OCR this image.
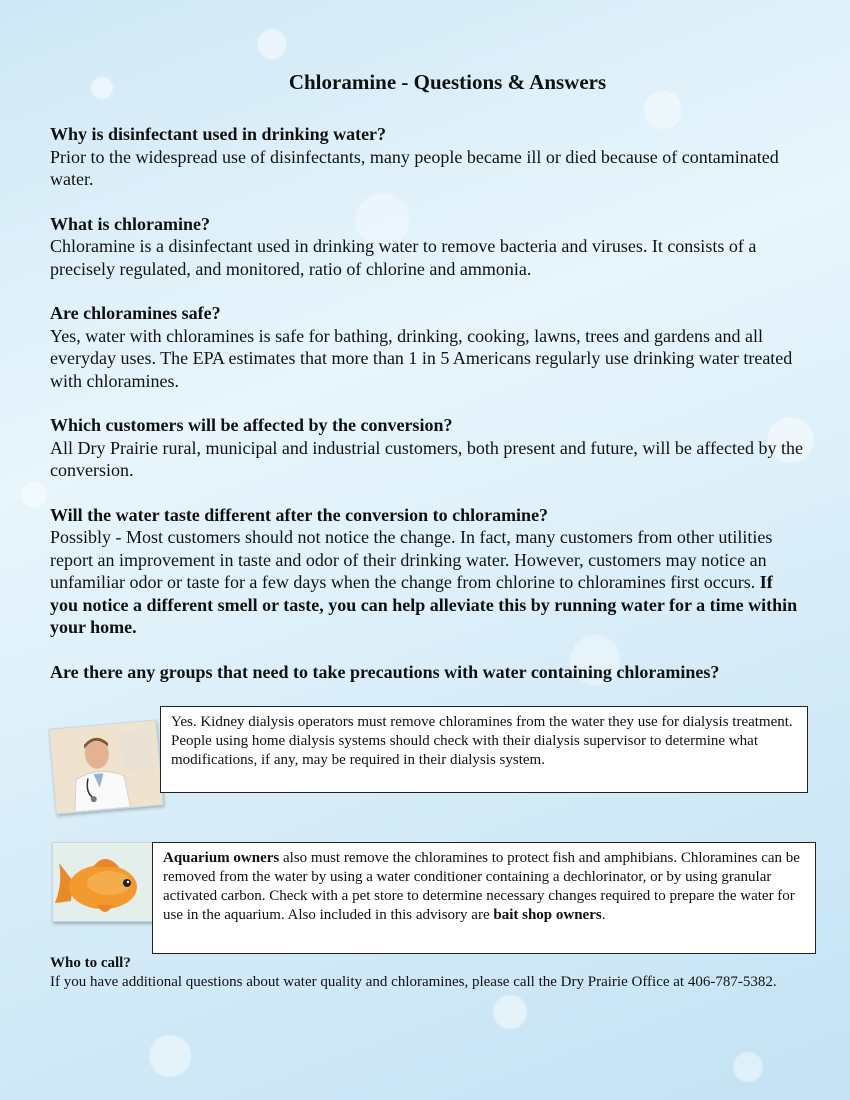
Chloramine - Questions & Answers
Why is disinfectant used in drinking water?
Prior to the widespread use of disinfectants, many people became ill or died because of contaminated water.
What is chloramine?
Chloramine is a disinfectant used in drinking water to remove bacteria and viruses. It consists of a precisely regulated, and monitored, ratio of chlorine and ammonia.
Are chloramines safe?
Yes, water with chloramines is safe for bathing, drinking, cooking, lawns, trees and gardens and all everyday uses. The EPA estimates that more than 1 in 5 Americans regularly use drinking water treated with chloramines.
Which customers will be affected by the conversion?
All Dry Prairie rural, municipal and industrial customers, both present and future, will be affected by the conversion.
Will the water taste different after the conversion to chloramine?
Possibly - Most customers should not notice the change. In fact, many customers from other utilities report an improvement in taste and odor of their drinking water. However, customers may notice an unfamiliar odor or taste for a few days when the change from chlorine to chloramines first occurs. If you notice a different smell or taste, you can help alleviate this by running water for a time within your home.
Are there any groups that need to take precautions with water containing chloramines?
Yes. Kidney dialysis operators must remove chloramines from the water they use for dialysis treatment. People using home dialysis systems should check with their dialysis supervisor to determine what modifications, if any, may be required in their dialysis system.
Aquarium owners also must remove the chloramines to protect fish and amphibians. Chloramines can be removed from the water by using a water conditioner containing a dechlorinator, or by using granular activated carbon. Check with a pet store to determine necessary changes required to prepare the water for use in the aquarium. Also included in this advisory are bait shop owners.
Who to call?
If you have additional questions about water quality and chloramines, please call the Dry Prairie Office at 406-787-5382.
